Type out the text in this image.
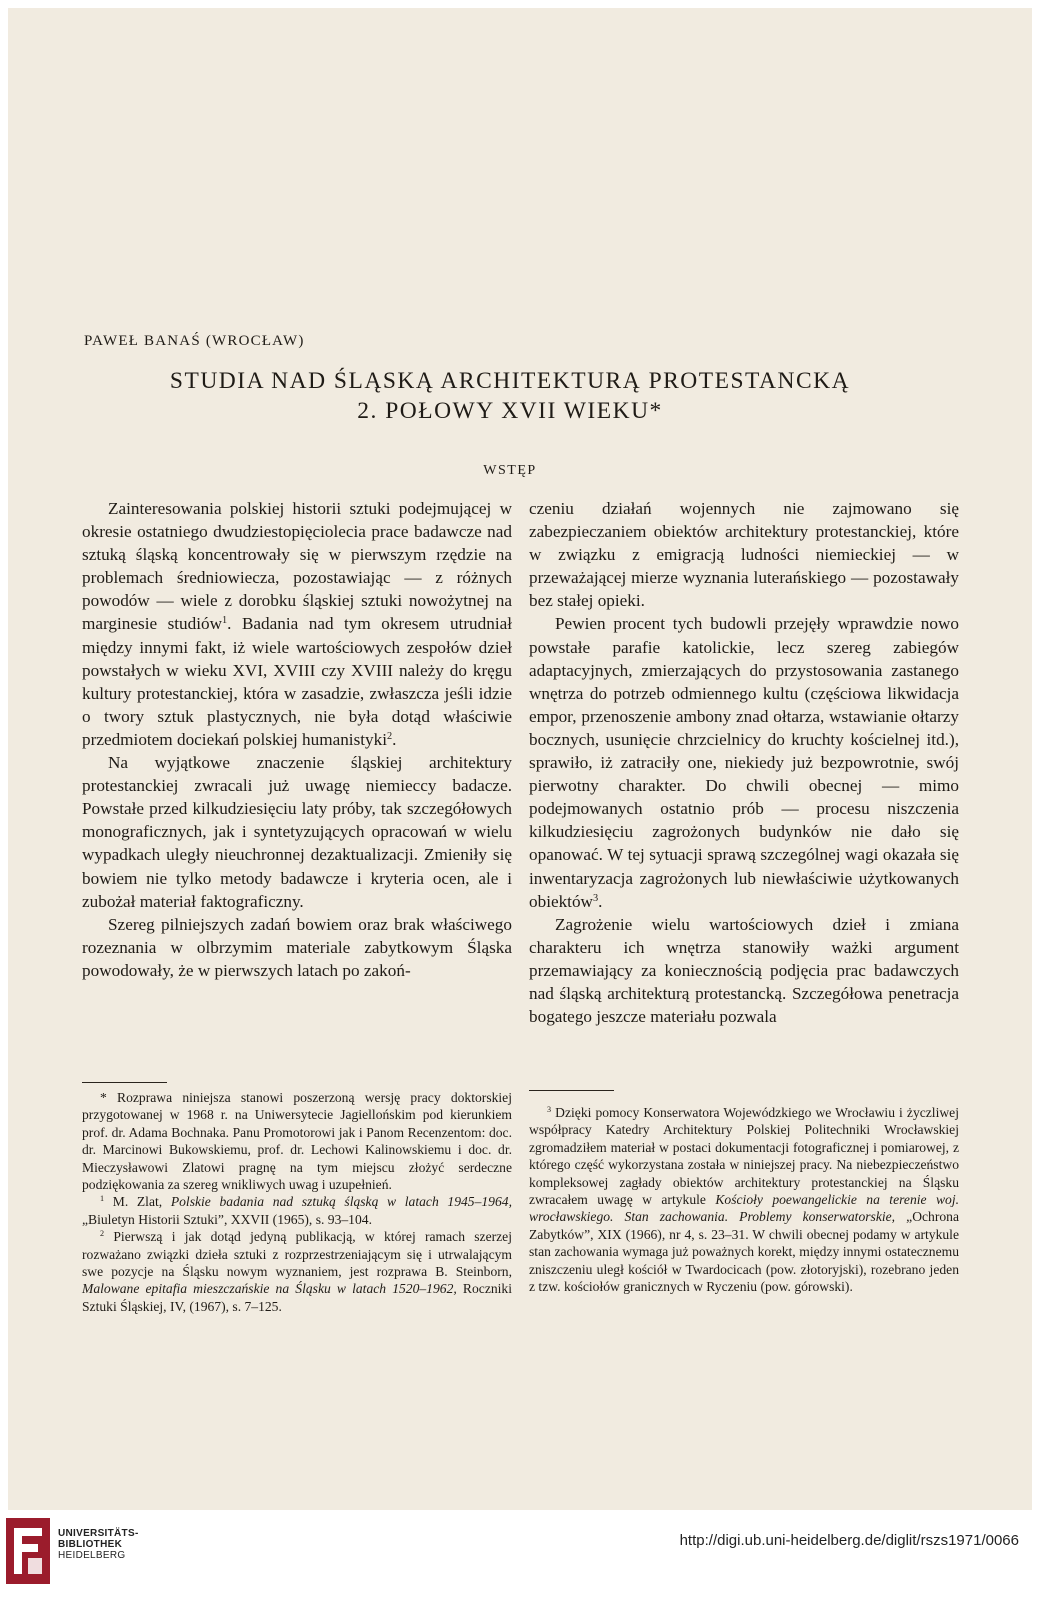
PAWEŁ BANAŚ (WROCŁAW)
STUDIA NAD ŚLĄSKĄ ARCHITEKTURĄ PROTESTANCKĄ
2. POŁOWY XVII WIEKU*
WSTĘP

Zainteresowania polskiej historii sztuki podejmującej w okresie ostatniego dwudziestopięciolecia prace badawcze nad sztuką śląską koncentrowały się w pierwszym rzędzie na problemach średniowiecza, pozostawiając — z różnych powodów — wiele z dorobku śląskiej sztuki nowożytnej na marginesie studiów$^1$. Badania nad tym okresem utrudniał między innymi fakt, iż wiele wartościowych zespołów dzieł powstałych w wieku XVI, XVIII czy XVIII należy do kręgu kultury protestanckiej, która w zasadzie, zwłaszcza jeśli idzie o twory sztuk plastycznych, nie była dotąd właściwie przedmiotem dociekań polskiej humanistyki$^2$.

Na wyjątkowe znaczenie śląskiej architektury protestanckiej zwracali już uwagę niemieccy badacze. Powstałe przed kilkudziesięciu laty próby, tak szczegółowych monograficznych, jak i syntetyzujących opracowań w wielu wypadkach uległy nieuchronnej dezaktualizacji. Zmieniły się bowiem nie tylko metody badawcze i kryteria ocen, ale i zubożał materiał faktograficzny.

Szereg pilniejszych zadań bowiem oraz brak właściwego rozeznania w olbrzymim materiale zabytkowym Śląska powodowały, że w pierwszych latach po zakoń-

czeniu działań wojennych nie zajmowano się zabezpieczaniem obiektów architektury protestanckiej, które w związku z emigracją ludności niemieckiej — w przeważającej mierze wyznania luterańskiego — pozostawały bez stałej opieki.

Pewien procent tych budowli przejęły wprawdzie nowo powstałe parafie katolickie, lecz szereg zabiegów adaptacyjnych, zmierzających do przystosowania zastanego wnętrza do potrzeb odmiennego kultu (częściowa likwidacja empor, przenoszenie ambony znad ołtarza, wstawianie ołtarzy bocznych, usunięcie chrzcielnicy do kruchty kościelnej itd.), sprawiło, iż zatraciły one, niekiedy już bezpowrotnie, swój pierwotny charakter. Do chwili obecnej — mimo podejmowanych ostatnio prób — procesu niszczenia kilkudziesięciu zagrożonych budynków nie dało się opanować. W tej sytuacji sprawą szczególnej wagi okazała się inwentaryzacja zagrożonych lub niewłaściwie użytkowanych obiektów$^3$.

Zagrożenie wielu wartościowych dzieł i zmiana charakteru ich wnętrza stanowiły ważki argument przemawiający za koniecznością podjęcia prac badawczych nad śląską architekturą protestancką. Szczegółowa penetracja bogatego jeszcze materiału pozwala

* Rozprawa niniejsza stanowi poszerzoną wersję pracy doktorskiej przygotowanej w 1968 r. na Uniwersytecie Jagiellońskim pod kierunkiem prof. dr. Adama Bochnaka. Panu Promotorowi jak i Panom Recenzentom: doc. dr. Marcinowi Bukowskiemu, prof. dr. Lechowi Kalinowskiemu i doc. dr. Mieczysławowi Zlatowi pragnę na tym miejscu złożyć serdeczne podziękowania za szereg wnikliwych uwag i uzupełnień.

$^1$ M. Zlat, Polskie badania nad sztuką śląską w latach 1945–1964, „Biuletyn Historii Sztuki”, XXVII (1965), s. 93–104.

$^2$ Pierwszą i jak dotąd jedyną publikacją, w której ramach szerzej rozważano związki dzieła sztuki z rozprzestrzeniającym się i utrwalającym swe pozycje na Śląsku nowym wyznaniem, jest rozprawa B. Steinborn, Malowane epitafia mieszczańskie na Śląsku w latach 1520–1962, Roczniki Sztuki Śląskiej, IV, (1967), s. 7–125.

$^3$ Dzięki pomocy Konserwatora Wojewódzkiego we Wrocławiu i życzliwej współpracy Katedry Architektury Polskiej Politechniki Wrocławskiej zgromadziłem materiał w postaci dokumentacji fotograficznej i pomiarowej, z którego część wykorzystana została w niniejszej pracy. Na niebezpieczeństwo kompleksowej zagłady obiektów architektury protestanckiej na Śląsku zwracałem uwagę w artykule Kościoły poewangelickie na terenie woj. wrocławskiego. Stan zachowania. Problemy konserwatorskie, „Ochrona Zabytków”, XIX (1966), nr 4, s. 23–31. W chwili obecnej podamy w artykule stan zachowania wymaga już poważnych korekt, między innymi ostatecznemu zniszczeniu uległ kościół w Twardocicach (pow. złotoryjski), rozebrano jeden z tzw. kościołów granicznych w Ryczeniu (pow. górowski).

UNIVERSITÄTS-
BIBLIOTHEK
HEIDELBERG
http://digi.ub.uni-heidelberg.de/diglit/rszs1971/0066
